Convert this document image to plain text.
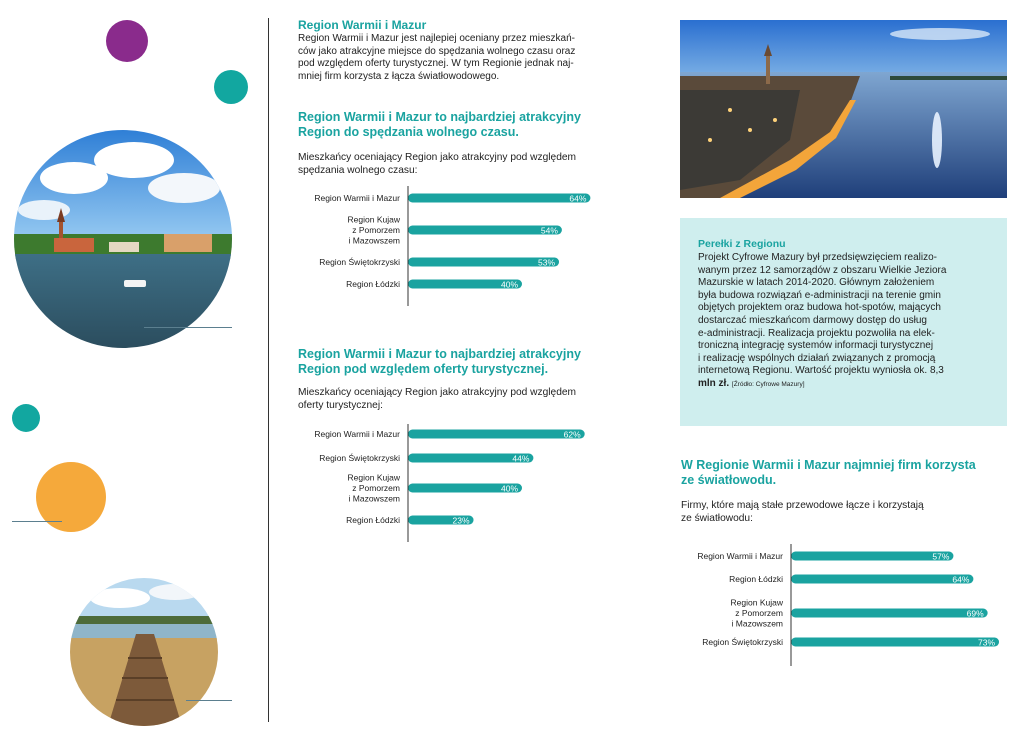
Region Warmii i Mazur

Region Warmii i Mazur jest najlepiej oceniany przez mieszkań-

ców jako atrakcyjne miejsce do spędzania wolnego czasu oraz

pod względem oferty turystycznej. W tym Regionie jednak naj-

mniej firm korzysta z łącza światłowodowego.

Region Warmii i Mazur to najbardziej atrakcyjny

Region do spędzania wolnego czasu.

Mieszkańcy oceniający Region jako atrakcyjny pod względem

spędzania wolnego czasu:

64%
Region Warmii i Mazur
54%
Region Kujaw
z Pomorzem
i Mazowszem
53%
Region Świętokrzyski
40%
Region Łódzki

Region Warmii i Mazur to najbardziej atrakcyjny

Region pod względem oferty turystycznej.

Mieszkańcy oceniający Region jako atrakcyjny pod względem

oferty turystycznej:

62%
Region Warmii i Mazur
44%
Region Świętokrzyski
40%
Region Kujaw
z Pomorzem
i Mazowszem
23%
Region Łódzki

Perełki z Regionu

Projekt Cyfrowe Mazury był przedsięwzięciem realizo-

wanym przez 12 samorządów z obszaru Wielkie Jeziora

Mazurskie w latach 2014-2020. Głównym założeniem

była budowa rozwiązań e-administracji na terenie gmin

objętych projektem oraz budowa hot-spotów, mających

dostarczać mieszkańcom darmowy dostęp do usług

e-administracji. Realizacja projektu pozwoliła na elek-

troniczną integrację systemów informacji turystycznej

i realizację wspólnych działań związanych z promocją

internetową Regionu. Wartość projektu wyniosła ok. 8,3

mln zł. [Źródło: Cyfrowe Mazury]

W Regionie Warmii i Mazur najmniej firm korzysta

ze światłowodu.

Firmy, które mają stałe przewodowe łącze i korzystają

ze światłowodu:

57%
Region Warmii i Mazur
64%
Region Łódzki
69%
Region Kujaw
z Pomorzem
i Mazowszem
73%
Region Świętokrzyski
